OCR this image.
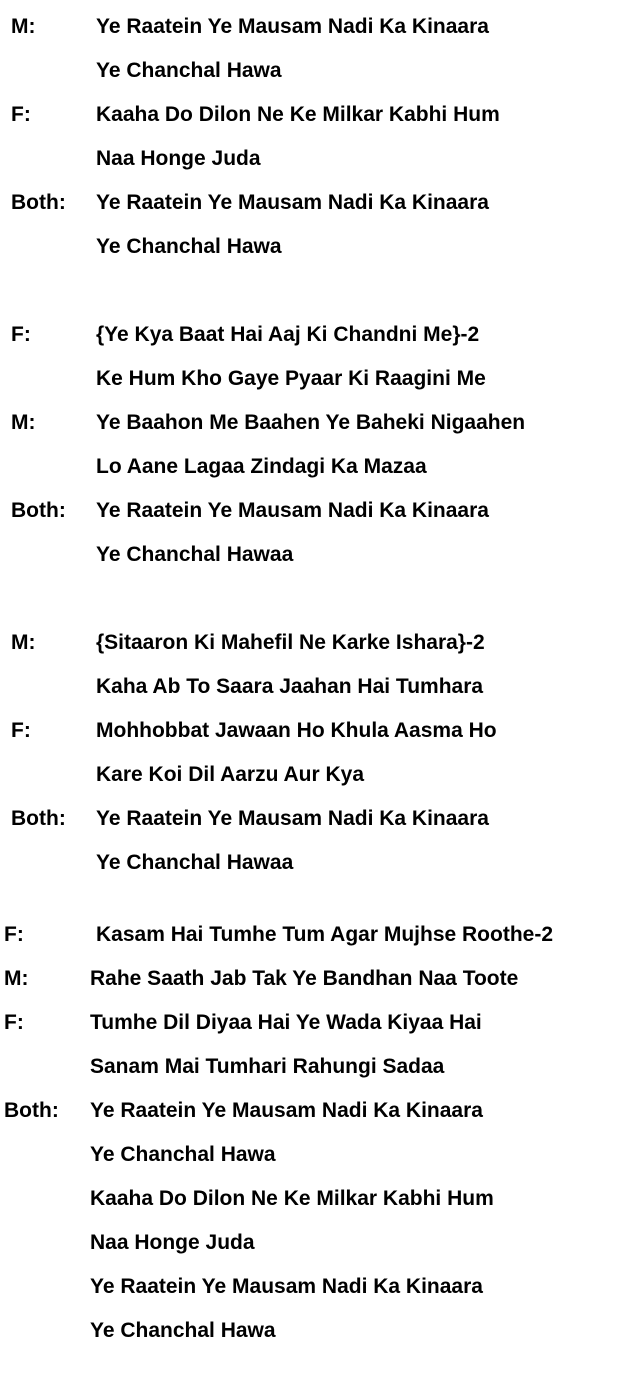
M:	Ye Raatein Ye Mausam Nadi Ka Kinaara
Ye Chanchal Hawa
F:	Kaaha Do Dilon Ne Ke Milkar Kabhi Hum
Naa Honge Juda
Both: Ye Raatein Ye Mausam Nadi Ka Kinaara
Ye Chanchal Hawa
F:	{Ye Kya Baat Hai Aaj Ki Chandni Me}-2
Ke Hum Kho Gaye Pyaar Ki Raagini Me
M:	Ye Baahon Me Baahen Ye Baheki Nigaahen
Lo Aane Lagaa Zindagi Ka Mazaa
Both: Ye Raatein Ye Mausam Nadi Ka Kinaara
Ye Chanchal Hawaa
M:	{Sitaaron Ki Mahefil Ne Karke Ishara}-2
Kaha Ab To Saara Jaahan Hai Tumhara
F:	Mohhobbat Jawaan Ho Khula Aasma Ho
Kare Koi Dil Aarzu Aur Kya
Both: Ye Raatein Ye Mausam Nadi Ka Kinaara
Ye Chanchal Hawaa
F:	Kasam Hai Tumhe Tum Agar Mujhse Roothe-2
M:	Rahe Saath Jab Tak Ye Bandhan Naa Toote
F:	Tumhe Dil Diyaa Hai Ye Wada Kiyaa Hai
Sanam Mai Tumhari Rahungi Sadaa
Both: Ye Raatein Ye Mausam Nadi Ka Kinaara
Ye Chanchal Hawa
Kaaha Do Dilon Ne Ke Milkar Kabhi Hum
Naa Honge Juda
Ye Raatein Ye Mausam Nadi Ka Kinaara
Ye Chanchal Hawa
